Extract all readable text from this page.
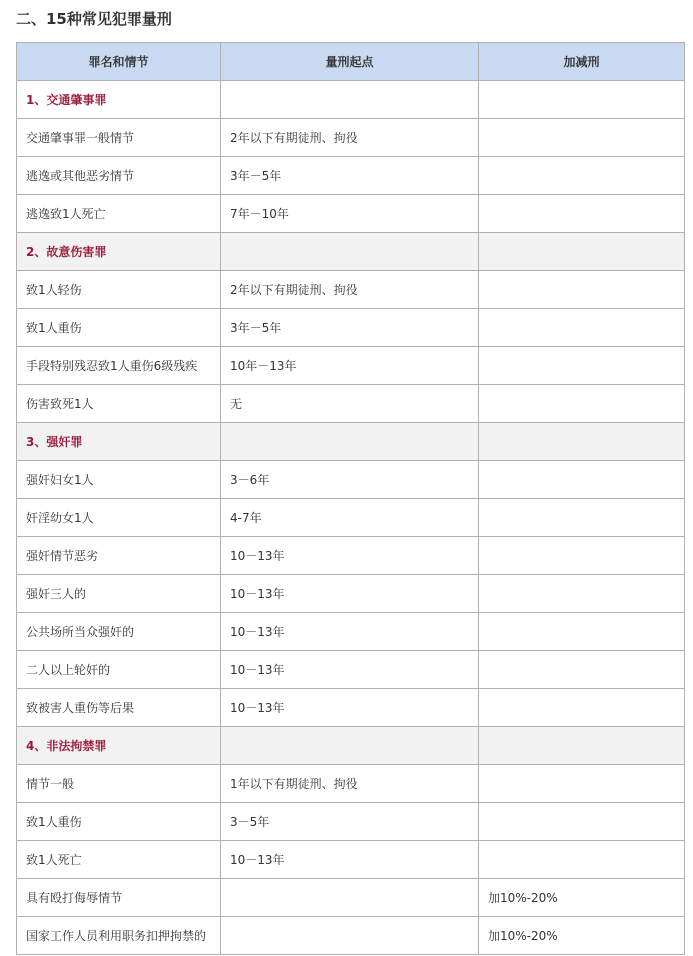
二、15种常见犯罪量刑
罪名和情节	量刑起点	加减刑
1、交通肇事罪		
交通肇事罪一般情节	2年以下有期徒刑、拘役	
逃逸或其他恶劣情节	3年－5年	
逃逸致1人死亡	7年－10年	
2、故意伤害罪		
致1人轻伤	2年以下有期徒刑、拘役	
致1人重伤	3年－5年	
手段特别残忍致1人重伤6级残疾	10年－13年	
伤害致死1人	无	
3、强奸罪		
强奸妇女1人	3－6年	
奸淫幼女1人	4-7年	
强奸情节恶劣	10－13年	
强奸三人的	10－13年	
公共场所当众强奸的	10－13年	
二人以上轮奸的	10－13年	
致被害人重伤等后果	10－13年	
4、非法拘禁罪		
情节一般	1年以下有期徒刑、拘役	
致1人重伤	3－5年	
致1人死亡	10－13年	
具有殴打侮辱情节		加10%-20%
国家工作人员利用职务扣押拘禁的		加10%-20%
